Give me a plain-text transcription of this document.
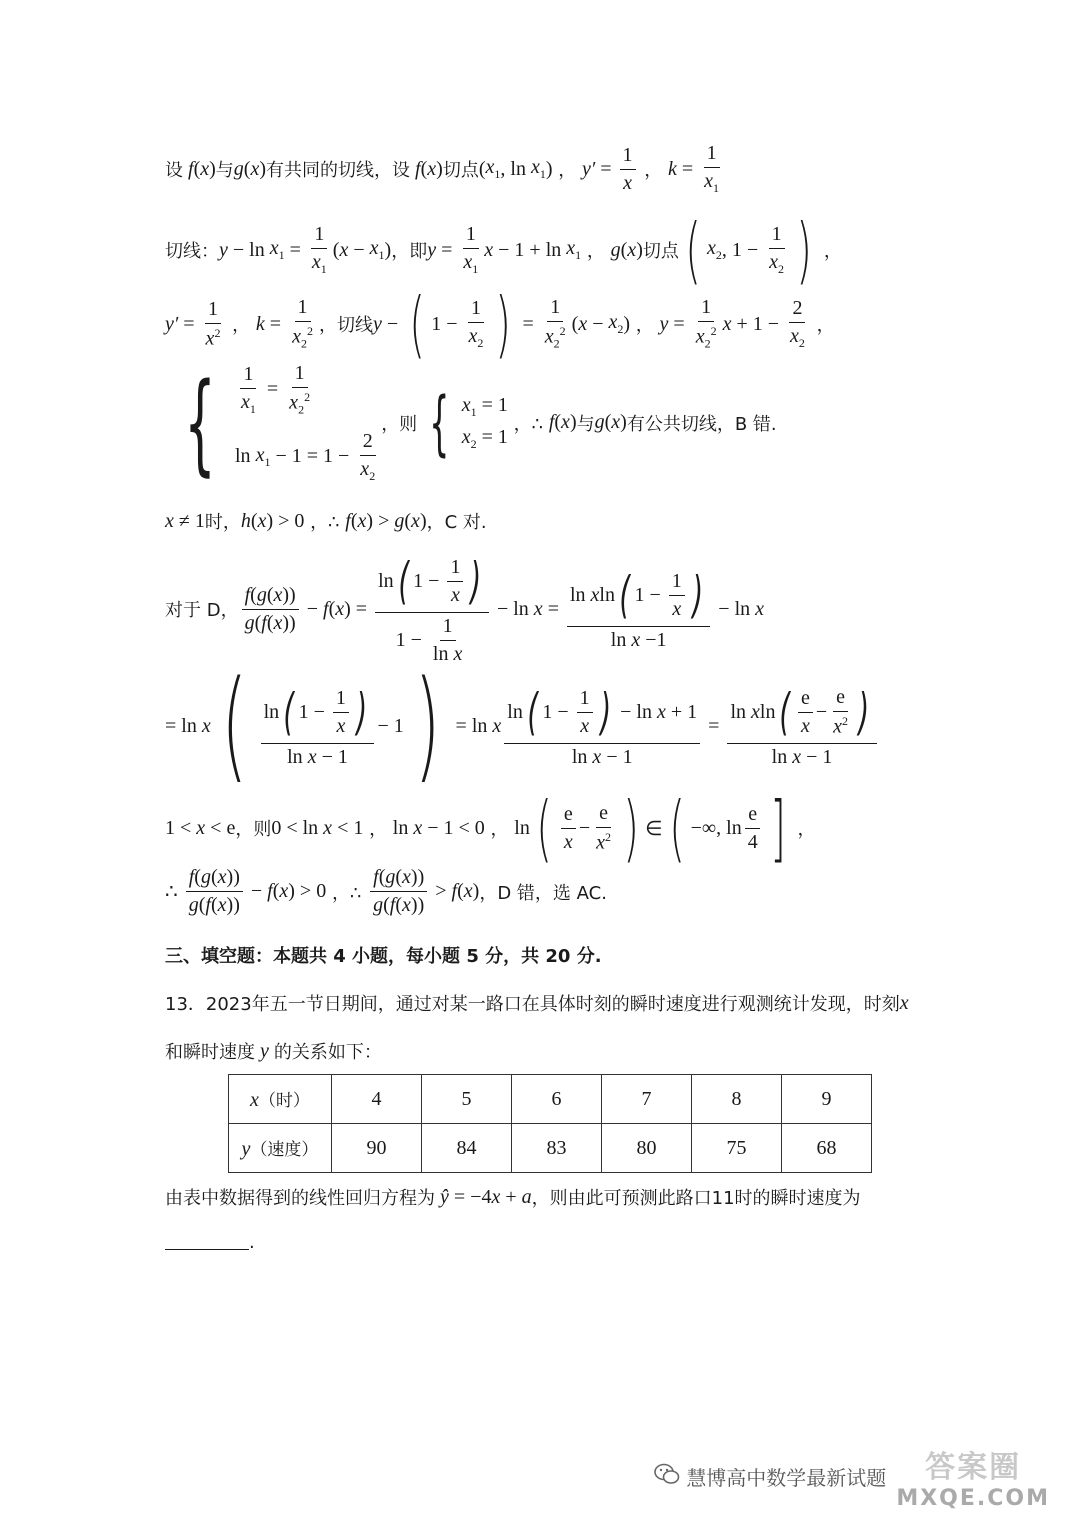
设 f ( x ) 与 g ( x ) 有共同的切线，设 f ( x ) 切点 ( $x_1$ , $\ln x_1$ ) ， $y' = \frac{1}{x}$ ， $k = \frac{1}{x_1}$
切线： $y - \ln x_1 = \frac{1}{x_1}$ ( $x - x_1$ ) ，即 $y = \frac{1}{x_1}$ $x - 1 + \ln x_1$ ， g ( x ) 切点 ( $x_2$ , $1 - \frac{1}{x_2}$ ) ，
$y' = \frac{1}{x^2}$ ， $k = \frac{1}{x_2^2}$ ，切线 y − ( $1 - \frac{1}{x_2}$ ) = $\frac{1}{x_2^2}$ ( $x - x_2$ ) ， $y = \frac{1}{x_2^2}$ $x + 1 - \frac{2}{x_2}$ ，
{ $\frac{1}{x_1} = \frac{1}{x_2^2}$
$\ln x_1 - 1 = 1 - \frac{2}{x_2}$
，则 { $x_1 = 1$
$x_2 = 1$
，∴ f ( x ) 与 g ( x ) 有公共切线，B 错.
x ≠ 1 时， h ( x ) > 0 ，∴ f ( x ) > g ( x ) ，C 对.
对于 D， $\frac{f(g(x))}{g(f(x))} - f$ ( x ) = $\frac{\ln ( 1 - \frac{1}{x} )}{1 - \frac{1}{\text{ln x}}} - \ln x = \frac{\ln x \ln ( 1 - \frac{1}{x} )}{\text{ln x −1}} - \ln x$
= ln x ( $\frac{\ln ( 1 - \frac{1}{x} )}{\text{ln x − 1}} - 1$ ) = ln x $\frac{\ln ( 1 - \frac{1}{x} ) - \ln x + 1}{\text{ln x − 1}} = \frac{\ln x \ln ( \frac{e}{x} - \frac{e}{x^2} )}{\text{ln x − 1}}$
1 < x < e ，则 0 < ln x < 1 ， ln x − 1 < 0 ， ln ( $\frac{e}{x} - \frac{e}{x^2}$ ) ∈ ( −∞, $\ln \frac{e}{4}$ ] ，
∴ $\frac{f(g(x))}{g(f(x))} - f$ ( x ) > 0 ，∴ $\frac{f(g(x))}{g(f(x))} > f$ ( x ) ，D 错，选 AC.
三、填空题：本题共 4 小题，每小题 5 分，共 20 分.
13．2023年五一节日期间，通过对某一路口在具体时刻的瞬时速度进行观测统计发现，时刻 x
和瞬时速度
y
的关系如下：
x（时）	4	5	6	7	8	9
y（速度）	90	84	83	80	75	68
由表中数据得到的线性回归方程为 ŷ = −4 x + a ，则由此可预测此路口11时的瞬时速度为
.
慧博高中数学最新试题 答案圈
MXQE.COM
